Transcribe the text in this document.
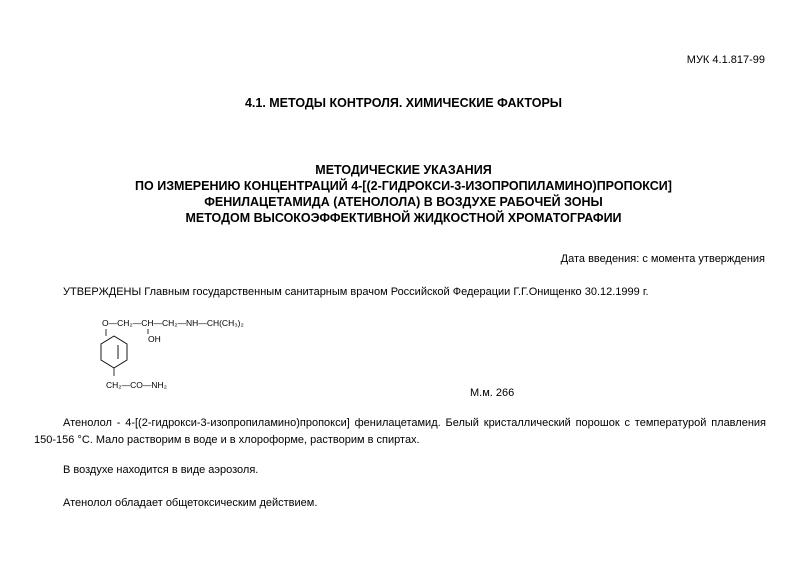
МУК 4.1.817-99
4.1. МЕТОДЫ КОНТРОЛЯ. ХИМИЧЕСКИЕ ФАКТОРЫ
МЕТОДИЧЕСКИЕ УКАЗАНИЯ
ПО ИЗМЕРЕНИЮ КОНЦЕНТРАЦИЙ 4-[(2-ГИДРОКСИ-3-ИЗОПРОПИЛАМИНО)ПРОПОКСИ]
ФЕНИЛАЦЕТАМИДА (АТЕНОЛОЛА) В ВОЗДУХЕ РАБОЧЕЙ ЗОНЫ
МЕТОДОМ ВЫСОКОЭФФЕКТИВНОЙ ЖИДКОСТНОЙ ХРОМАТОГРАФИИ
Дата введения: с момента утверждения
УТВЕРЖДЕНЫ Главным государственным санитарным врачом Российской Федерации Г.Г.Онищенко 30.12.1999 г.
O—CH₂—CH—CH₂—NH—CH(CH₃)₂
OH
CH₂—CO—NH₂
М.м. 266
Атенолол - 4-[(2-гидрокси-3-изопропиламино)пропокси] фенилацетамид. Белый кристаллический порошок с температурой плавления 150-156 °С. Мало растворим в воде и в хлороформе, растворим в спиртах.
В воздухе находится в виде аэрозоля.
Атенолол обладает общетоксическим действием.
